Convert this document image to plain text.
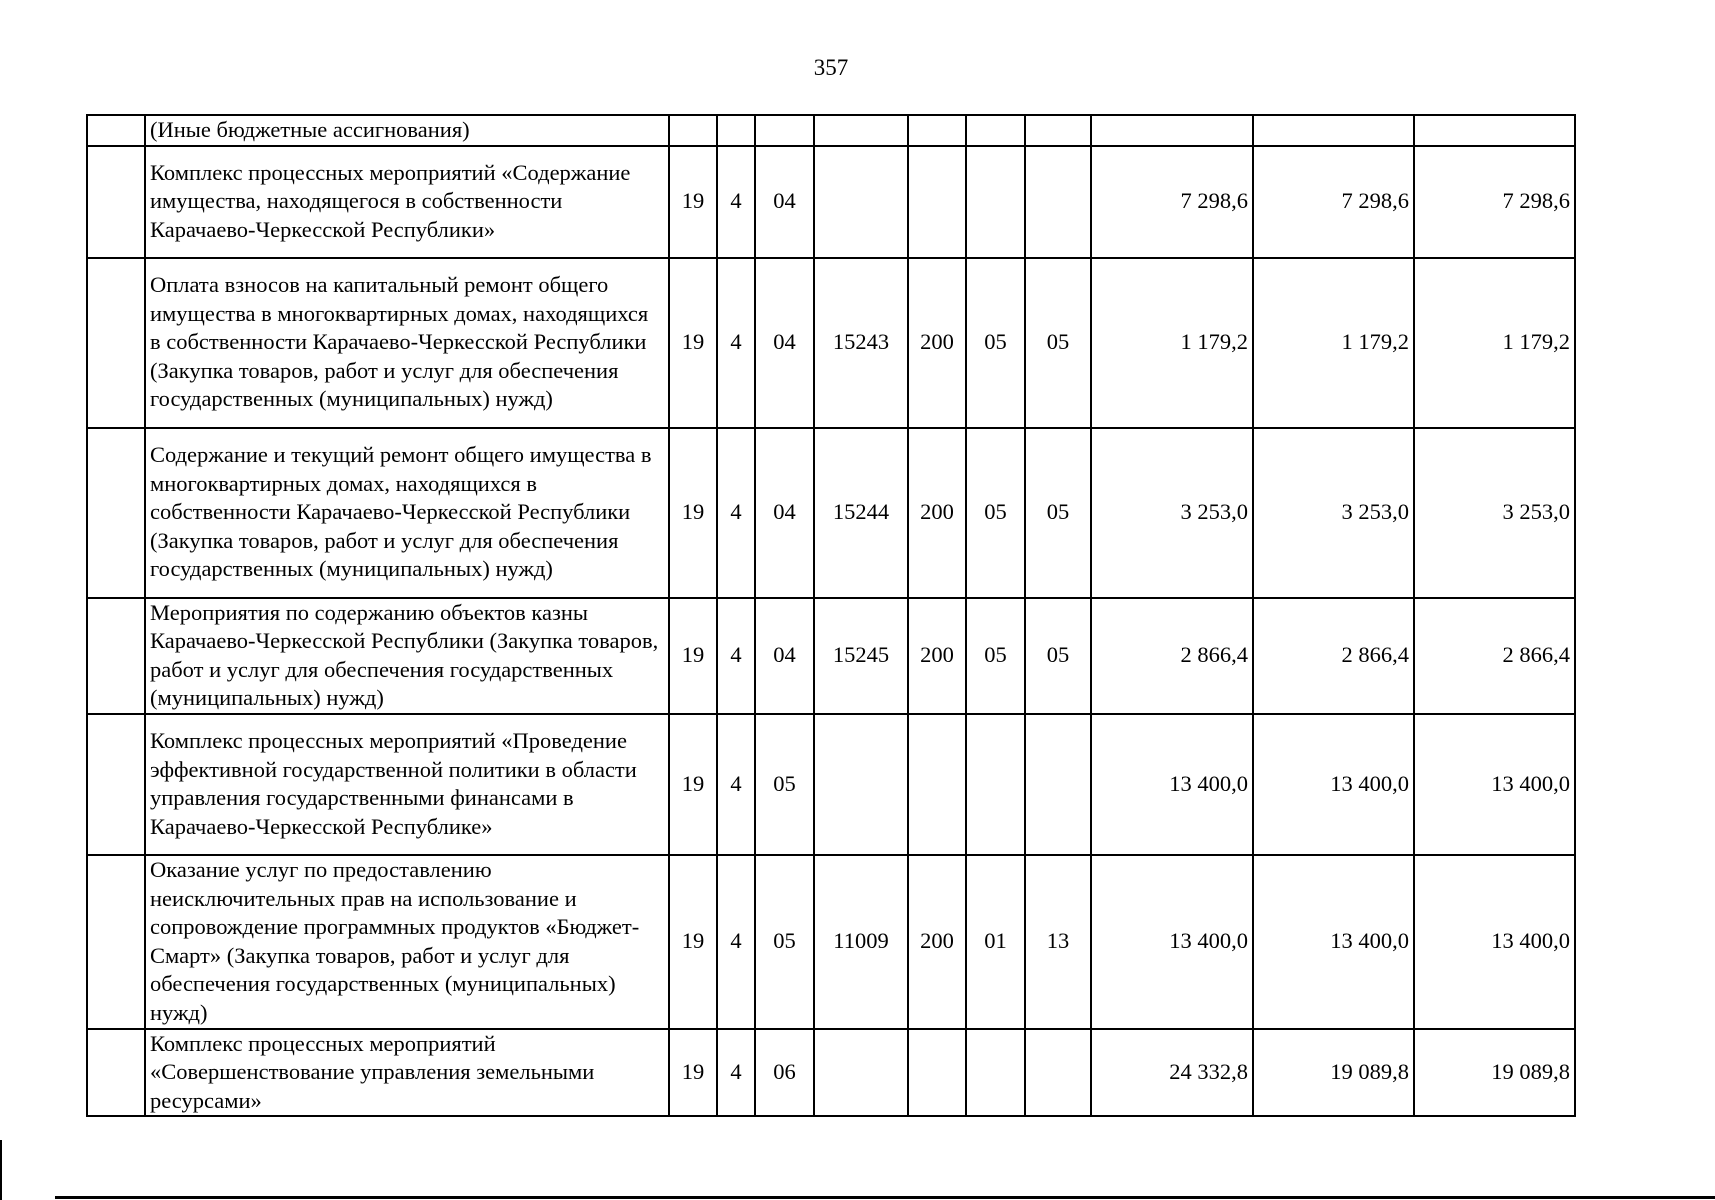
357
	(Иные бюджетные ассигнования)										
	Комплекс процессных мероприятий «Содержание имущества, находящегося в собственности Карачаево-Черкесской Республики»	19	4	04					7 298,6	7 298,6	7 298,6
	Оплата взносов на капитальный ремонт общего имущества в многоквартирных домах, находящихся в собственности Карачаево-Черкесской Республики (Закупка товаров, работ и услуг для обеспечения государственных (муниципальных) нужд)	19	4	04	15243	200	05	05	1 179,2	1 179,2	1 179,2
	Содержание и текущий ремонт общего имущества в многоквартирных домах, находящихся в собственности Карачаево-Черкесской Республики (Закупка товаров, работ и услуг для обеспечения государственных (муниципальных) нужд)	19	4	04	15244	200	05	05	3 253,0	3 253,0	3 253,0
	Мероприятия по содержанию объектов казны Карачаево-Черкесской Республики (Закупка товаров, работ и услуг для обеспечения государственных (муниципальных) нужд)	19	4	04	15245	200	05	05	2 866,4	2 866,4	2 866,4
	Комплекс процессных мероприятий «Проведение эффективной государственной политики в области управления государственными финансами в Карачаево-Черкесской Республике»	19	4	05					13 400,0	13 400,0	13 400,0
	Оказание услуг по предоставлению неисключительных прав на использование и сопровождение программных продуктов «Бюджет-Смарт» (Закупка товаров, работ и услуг для обеспечения государственных (муниципальных) нужд)	19	4	05	11009	200	01	13	13 400,0	13 400,0	13 400,0
	Комплекс процессных мероприятий «Совершенствование управления земельными ресурсами»	19	4	06					24 332,8	19 089,8	19 089,8
